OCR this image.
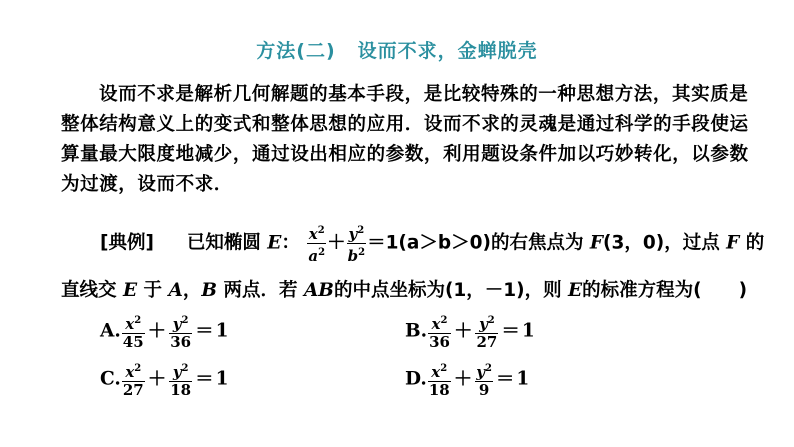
方法(二) 设而不求，金蝉脱壳
设而不求是解析几何解题的基本手段，是比较特殊的一种思想方法，其实质是整体结构意义上的变式和整体思想的应用．设而不求的灵魂是通过科学的手段使运算量最大限度地减少，通过设出相应的参数，利用题设条件加以巧妙转化，以参数为过渡，设而不求．
[典例] 已知椭圆 E： $\frac{x^2}{a^2} + \frac{y^2}{b^2} =1(a>b>0)$的右焦点为 F(3，0)，过点 F 的
直线交 E 于 A，B 两点．若 AB的中点坐标为(1，－1)，则 E的标准方程为(　　)
A. $\frac{x^2}{45} + \frac{y^2}{36} = 1$	B. $\frac{x^2}{36} + \frac{y^2}{27} = 1$
C. $\frac{x^2}{27} + \frac{y^2}{18} = 1$	D. $\frac{x^2}{18} + \frac{y^2}{9} = 1$
